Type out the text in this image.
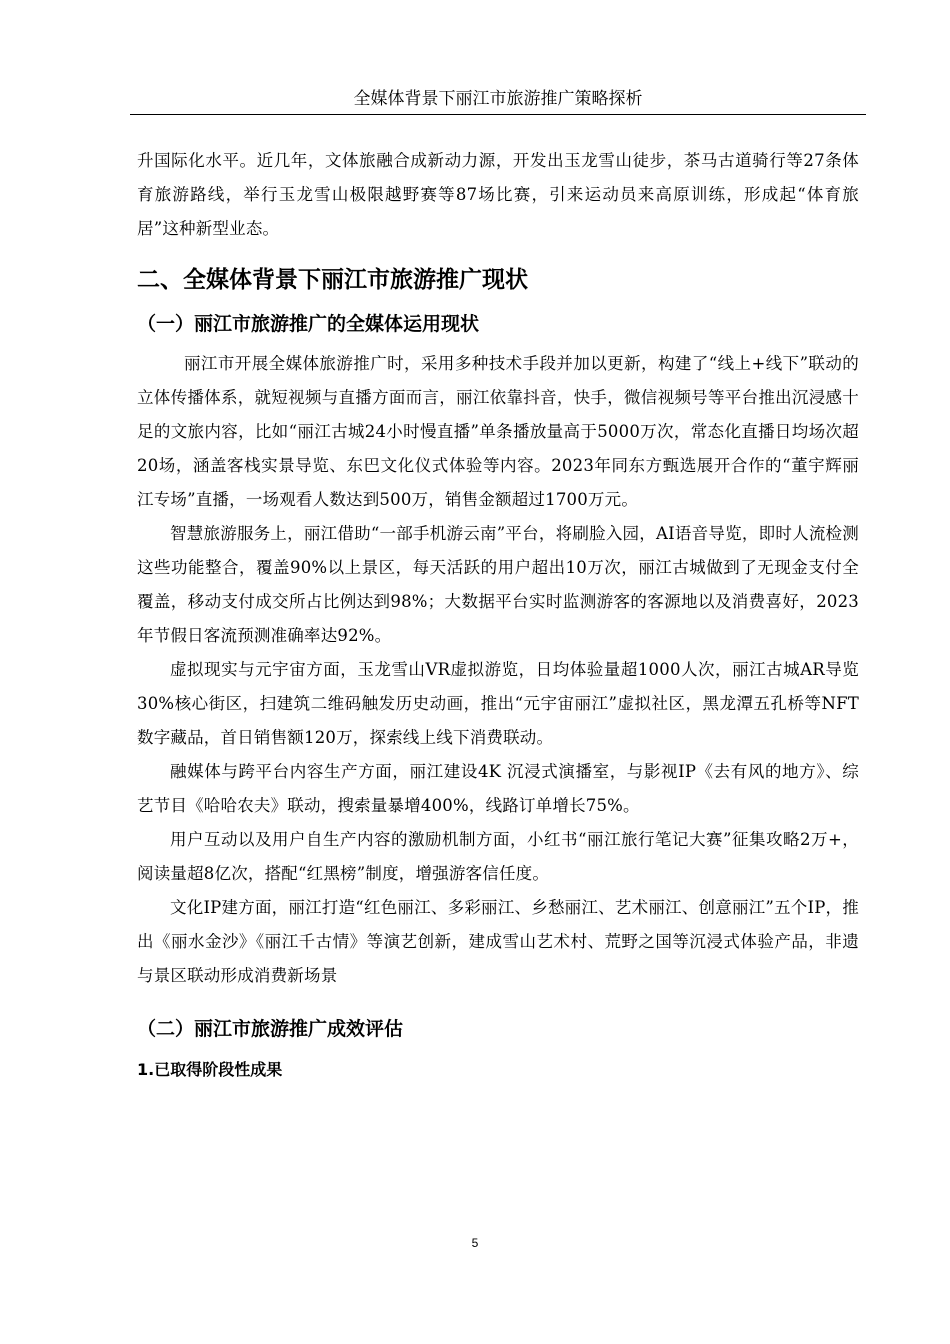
全媒体背景下丽江市旅游推广策略探析

升国际化水平。近几年，文体旅融合成新动力源，开发出玉龙雪山徒步，茶马古道骑行等27条体育旅游路线，举行玉龙雪山极限越野赛等87场比赛，引来运动员来高原训练，形成起“体育旅居”这种新型业态。

二、全媒体背景下丽江市旅游推广现状
（一）丽江市旅游推广的全媒体运用现状

丽江市开展全媒体旅游推广时，采用多种技术手段并加以更新，构建了“线上+线下”联动的立体传播体系，就短视频与直播方面而言，丽江依靠抖音，快手，微信视频号等平台推出沉浸感十足的文旅内容，比如“丽江古城24小时慢直播”单条播放量高于5000万次，常态化直播日均场次超20场，涵盖客栈实景导览、东巴文化仪式体验等内容。2023年同东方甄选展开合作的“董宇辉丽江专场”直播，一场观看人数达到500万，销售金额超过1700万元。

智慧旅游服务上，丽江借助“一部手机游云南”平台，将刷脸入园，AI语音导览，即时人流检测这些功能整合，覆盖90%以上景区，每天活跃的用户超出10万次，丽江古城做到了无现金支付全覆盖，移动支付成交所占比例达到98%；大数据平台实时监测游客的客源地以及消费喜好，2023年节假日客流预测准确率达92%。

虚拟现实与元宇宙方面，玉龙雪山VR虚拟游览，日均体验量超1000人次，丽江古城AR导览30%核心街区，扫建筑二维码触发历史动画，推出“元宇宙丽江”虚拟社区，黑龙潭五孔桥等NFT数字藏品，首日销售额120万，探索线上线下消费联动。

融媒体与跨平台内容生产方面，丽江建设4K 沉浸式演播室，与影视IP《去有风的地方》、综艺节目《哈哈农夫》联动，搜索量暴增400%，线路订单增长75%。

用户互动以及用户自生产内容的激励机制方面，小红书“丽江旅行笔记大赛”征集攻略2万+，阅读量超8亿次，搭配“红黑榜”制度，增强游客信任度。

文化IP建方面，丽江打造“红色丽江、多彩丽江、乡愁丽江、艺术丽江、创意丽江”五个IP，推出《丽水金沙》《丽江千古情》等演艺创新，建成雪山艺术村、荒野之国等沉浸式体验产品，非遗与景区联动形成消费新场景

（二）丽江市旅游推广成效评估
1.已取得阶段性成果
5
